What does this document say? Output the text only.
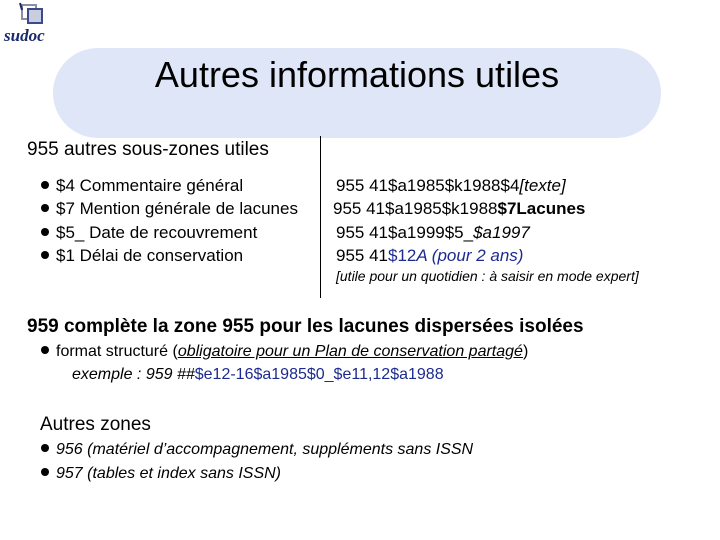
sudoc
Autres informations utiles
955 autres sous-zones utiles
$4 Commentaire général
$7 Mention générale de lacunes
$5_ Date de recouvrement
$1 Délai de conservation
955 41$a1985$k1988$4[texte]
955 41$a1985$k1988$7Lacunes
955 41$a1999$5_$a1997
955 41$12A (pour 2 ans)
[utile pour un quotidien : à saisir en mode expert]
959 complète la zone 955 pour les lacunes dispersées isolées
format structuré (obligatoire pour un Plan de conservation partagé)
exemple : 959 ##$e12-16$a1985$0_$e11,12$a1988
Autres zones
956 (matériel d’accompagnement, suppléments sans ISSN
957 (tables et index sans ISSN)
